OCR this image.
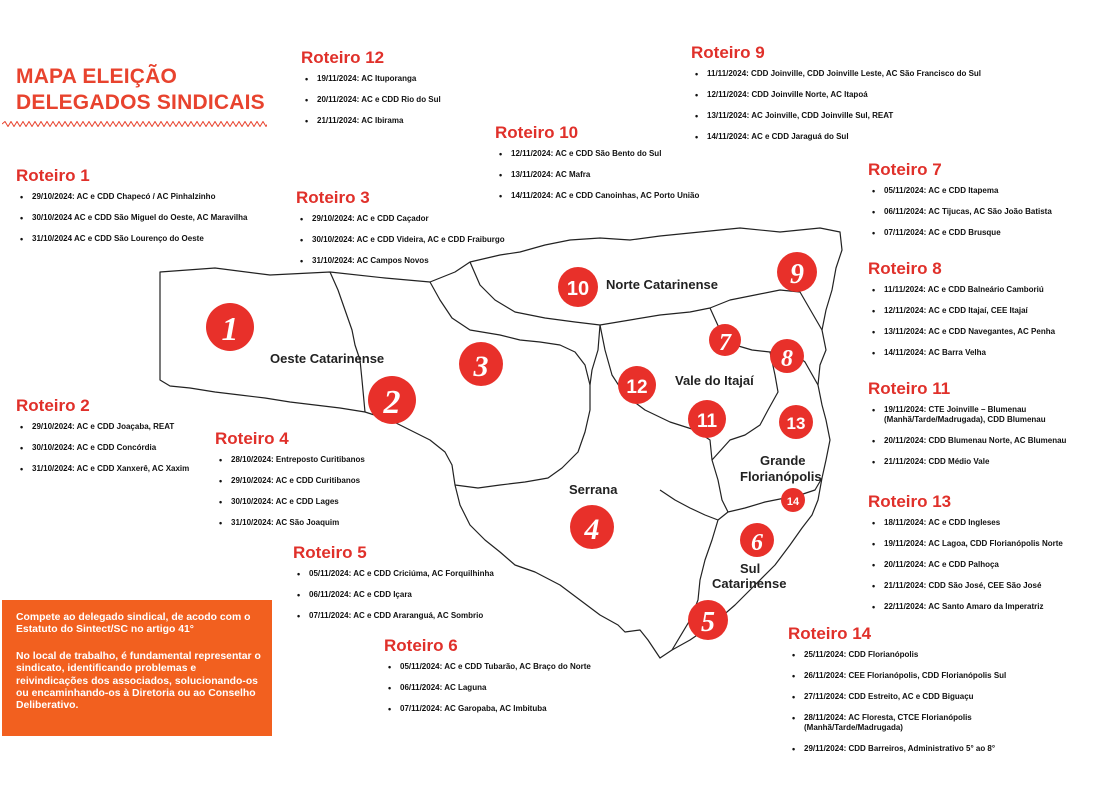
Oeste Catarinense
Norte Catarinense
Vale do Itajaí
Serrana
Grande
Florianópolis
Sul
Catarinense
1
2
3
4
5
6
7
8
9
10
11
12
13
14
MAPA ELEIÇÃO
DELEGADOS SINDICAIS
Roteiro 1
• 29/10/2024: AC e CDD Chapecó / AC Pinhalzinho
• 30/10/2024 AC e CDD São Miguel do Oeste, AC Maravilha
• 31/10/2024 AC e CDD São Lourenço do Oeste
Roteiro 2
• 29/10/2024: AC e CDD Joaçaba, REAT
• 30/10/2024: AC e CDD Concórdia
• 31/10/2024: AC e CDD Xanxerê, AC Xaxim
Roteiro 3
• 29/10/2024: AC e CDD Caçador
• 30/10/2024: AC e CDD Videira, AC e CDD Fraiburgo
• 31/10/2024: AC Campos Novos
Roteiro 4
• 28/10/2024: Entreposto Curitibanos
• 29/10/2024: AC e CDD Curitibanos
• 30/10/2024: AC e CDD Lages
• 31/10/2024: AC São Joaquim
Roteiro 5
• 05/11/2024: AC e CDD Criciúma, AC Forquilhinha
• 06/11/2024: AC e CDD Içara
• 07/11/2024: AC e CDD Araranguá, AC Sombrio
Roteiro 6
• 05/11/2024: AC e CDD Tubarão, AC Braço do Norte
• 06/11/2024: AC Laguna
• 07/11/2024: AC Garopaba, AC Imbituba
Roteiro 7
• 05/11/2024: AC e CDD Itapema
• 06/11/2024: AC Tijucas, AC São João Batista
• 07/11/2024: AC e CDD Brusque
Roteiro 8
• 11/11/2024: AC e CDD Balneário Camboriú
• 12/11/2024: AC e CDD Itajaí, CEE Itajaí
• 13/11/2024: AC e CDD Navegantes, AC Penha
• 14/11/2024: AC Barra Velha
Roteiro 9
• 11/11/2024: CDD Joinville, CDD Joinville Leste, AC São Francisco do Sul
• 12/11/2024: CDD Joinville Norte, AC Itapoá
• 13/11/2024: AC Joinville, CDD Joinville Sul, REAT
• 14/11/2024: AC e CDD Jaraguá do Sul
Roteiro 10
• 12/11/2024: AC e CDD São Bento do Sul
• 13/11/2024: AC Mafra
• 14/11/2024: AC e CDD Canoinhas, AC Porto União
Roteiro 11
• 19/11/2024: CTE Joinville – Blumenau (Manhã/Tarde/Madrugada), CDD Blumenau
• 20/11/2024: CDD Blumenau Norte, AC Blumenau
• 21/11/2024: CDD Médio Vale
Roteiro 12
• 19/11/2024: AC Ituporanga
• 20/11/2024: AC e CDD Rio do Sul
• 21/11/2024: AC Ibirama
Roteiro 13
• 18/11/2024: AC e CDD Ingleses
• 19/11/2024: AC Lagoa, CDD Florianópolis Norte
• 20/11/2024: AC e CDD Palhoça
• 21/11/2024: CDD São José, CEE São José
• 22/11/2024: AC Santo Amaro da Imperatriz
Roteiro 14
• 25/11/2024: CDD Florianópolis
• 26/11/2024: CEE Florianópolis, CDD Florianópolis Sul
• 27/11/2024: CDD Estreito, AC e CDD Biguaçu
• 28/11/2024: AC Floresta, CTCE Florianópolis (Manhã/Tarde/Madrugada)
• 29/11/2024: CDD Barreiros, Administrativo 5° ao 8°

Compete ao delegado sindical, de acodo com o Estatuto do Sintect/SC no artigo 41°

No local de trabalho, é fundamental representar o sindicato, identificando problemas e reivindicações dos associados, solucionando-os ou encaminhando-os à Diretoria ou ao Conselho Deliberativo.
